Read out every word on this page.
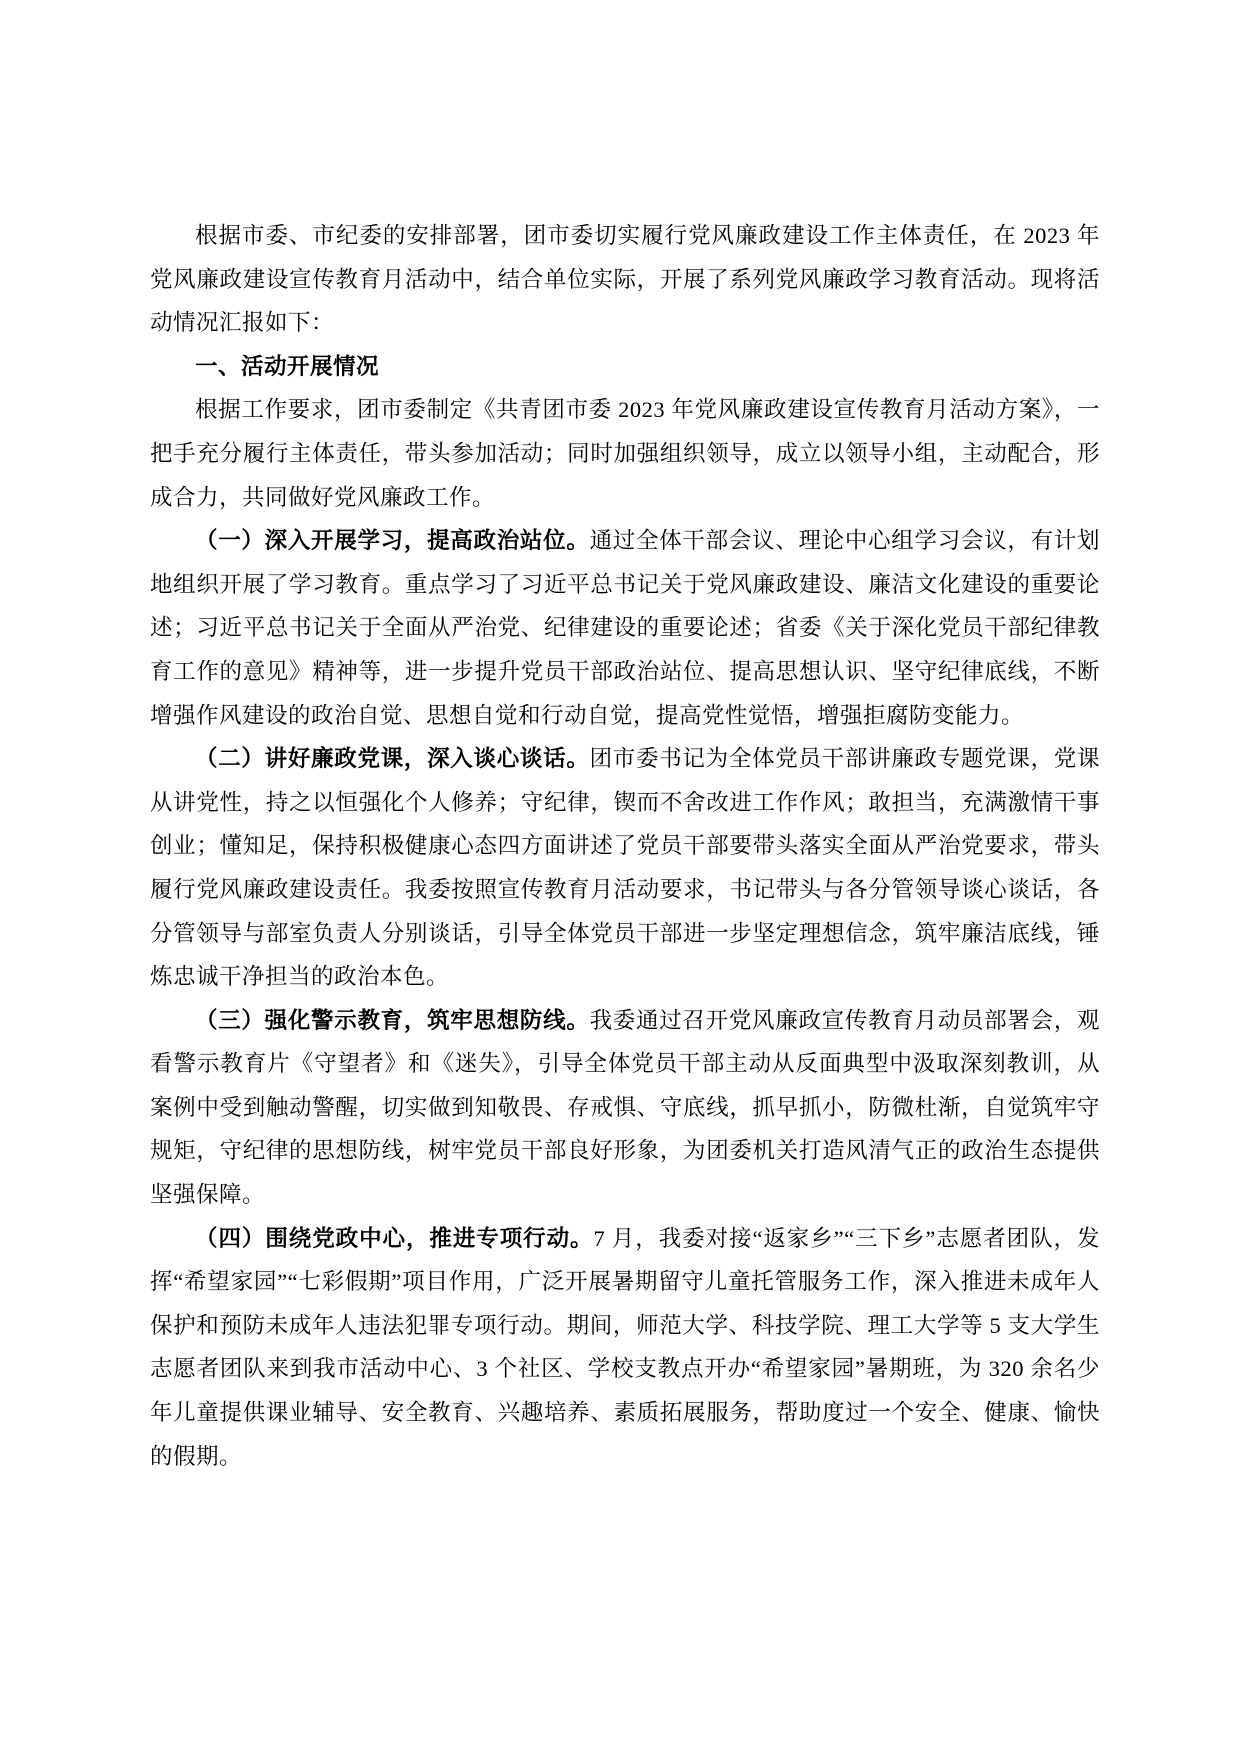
根据市委、市纪委的安排部署，团市委切实履行党风廉政建设工作主体责任，在 2023 年党风廉政建设宣传教育月活动中，结合单位实际，开展了系列党风廉政学习教育活动。现将活动情况汇报如下：

一、活动开展情况

根据工作要求，团市委制定《共青团市委 2023 年党风廉政建设宣传教育月活动方案》，一把手充分履行主体责任，带头参加活动；同时加强组织领导，成立以领导小组，主动配合，形成合力，共同做好党风廉政工作。

（一）深入开展学习，提高政治站位。通过全体干部会议、理论中心组学习会议，有计划地组织开展了学习教育。重点学习了习近平总书记关于党风廉政建设、廉洁文化建设的重要论述；习近平总书记关于全面从严治党、纪律建设的重要论述；省委《关于深化党员干部纪律教育工作的意见》精神等，进一步提升党员干部政治站位、提高思想认识、坚守纪律底线，不断增强作风建设的政治自觉、思想自觉和行动自觉，提高党性觉悟，增强拒腐防变能力。

（二）讲好廉政党课，深入谈心谈话。团市委书记为全体党员干部讲廉政专题党课，党课从讲党性，持之以恒强化个人修养；守纪律，锲而不舍改进工作作风；敢担当，充满激情干事创业；懂知足，保持积极健康心态四方面讲述了党员干部要带头落实全面从严治党要求，带头履行党风廉政建设责任。我委按照宣传教育月活动要求，书记带头与各分管领导谈心谈话，各分管领导与部室负责人分别谈话，引导全体党员干部进一步坚定理想信念，筑牢廉洁底线，锤炼忠诚干净担当的政治本色。

（三）强化警示教育，筑牢思想防线。我委通过召开党风廉政宣传教育月动员部署会，观看警示教育片《守望者》和《迷失》，引导全体党员干部主动从反面典型中汲取深刻教训，从案例中受到触动警醒，切实做到知敬畏、存戒惧、守底线，抓早抓小，防微杜渐，自觉筑牢守规矩，守纪律的思想防线，树牢党员干部良好形象，为团委机关打造风清气正的政治生态提供坚强保障。

（四）围绕党政中心，推进专项行动。7 月，我委对接“返家乡”“三下乡”志愿者团队，发挥“希望家园”“七彩假期”项目作用，广泛开展暑期留守儿童托管服务工作，深入推进未成年人保护和预防未成年人违法犯罪专项行动。期间，师范大学、科技学院、理工大学等 5 支大学生志愿者团队来到我市活动中心、3 个社区、学校支教点开办“希望家园”暑期班，为 320 余名少年儿童提供课业辅导、安全教育、兴趣培养、素质拓展服务，帮助度过一个安全、健康、愉快的假期。
